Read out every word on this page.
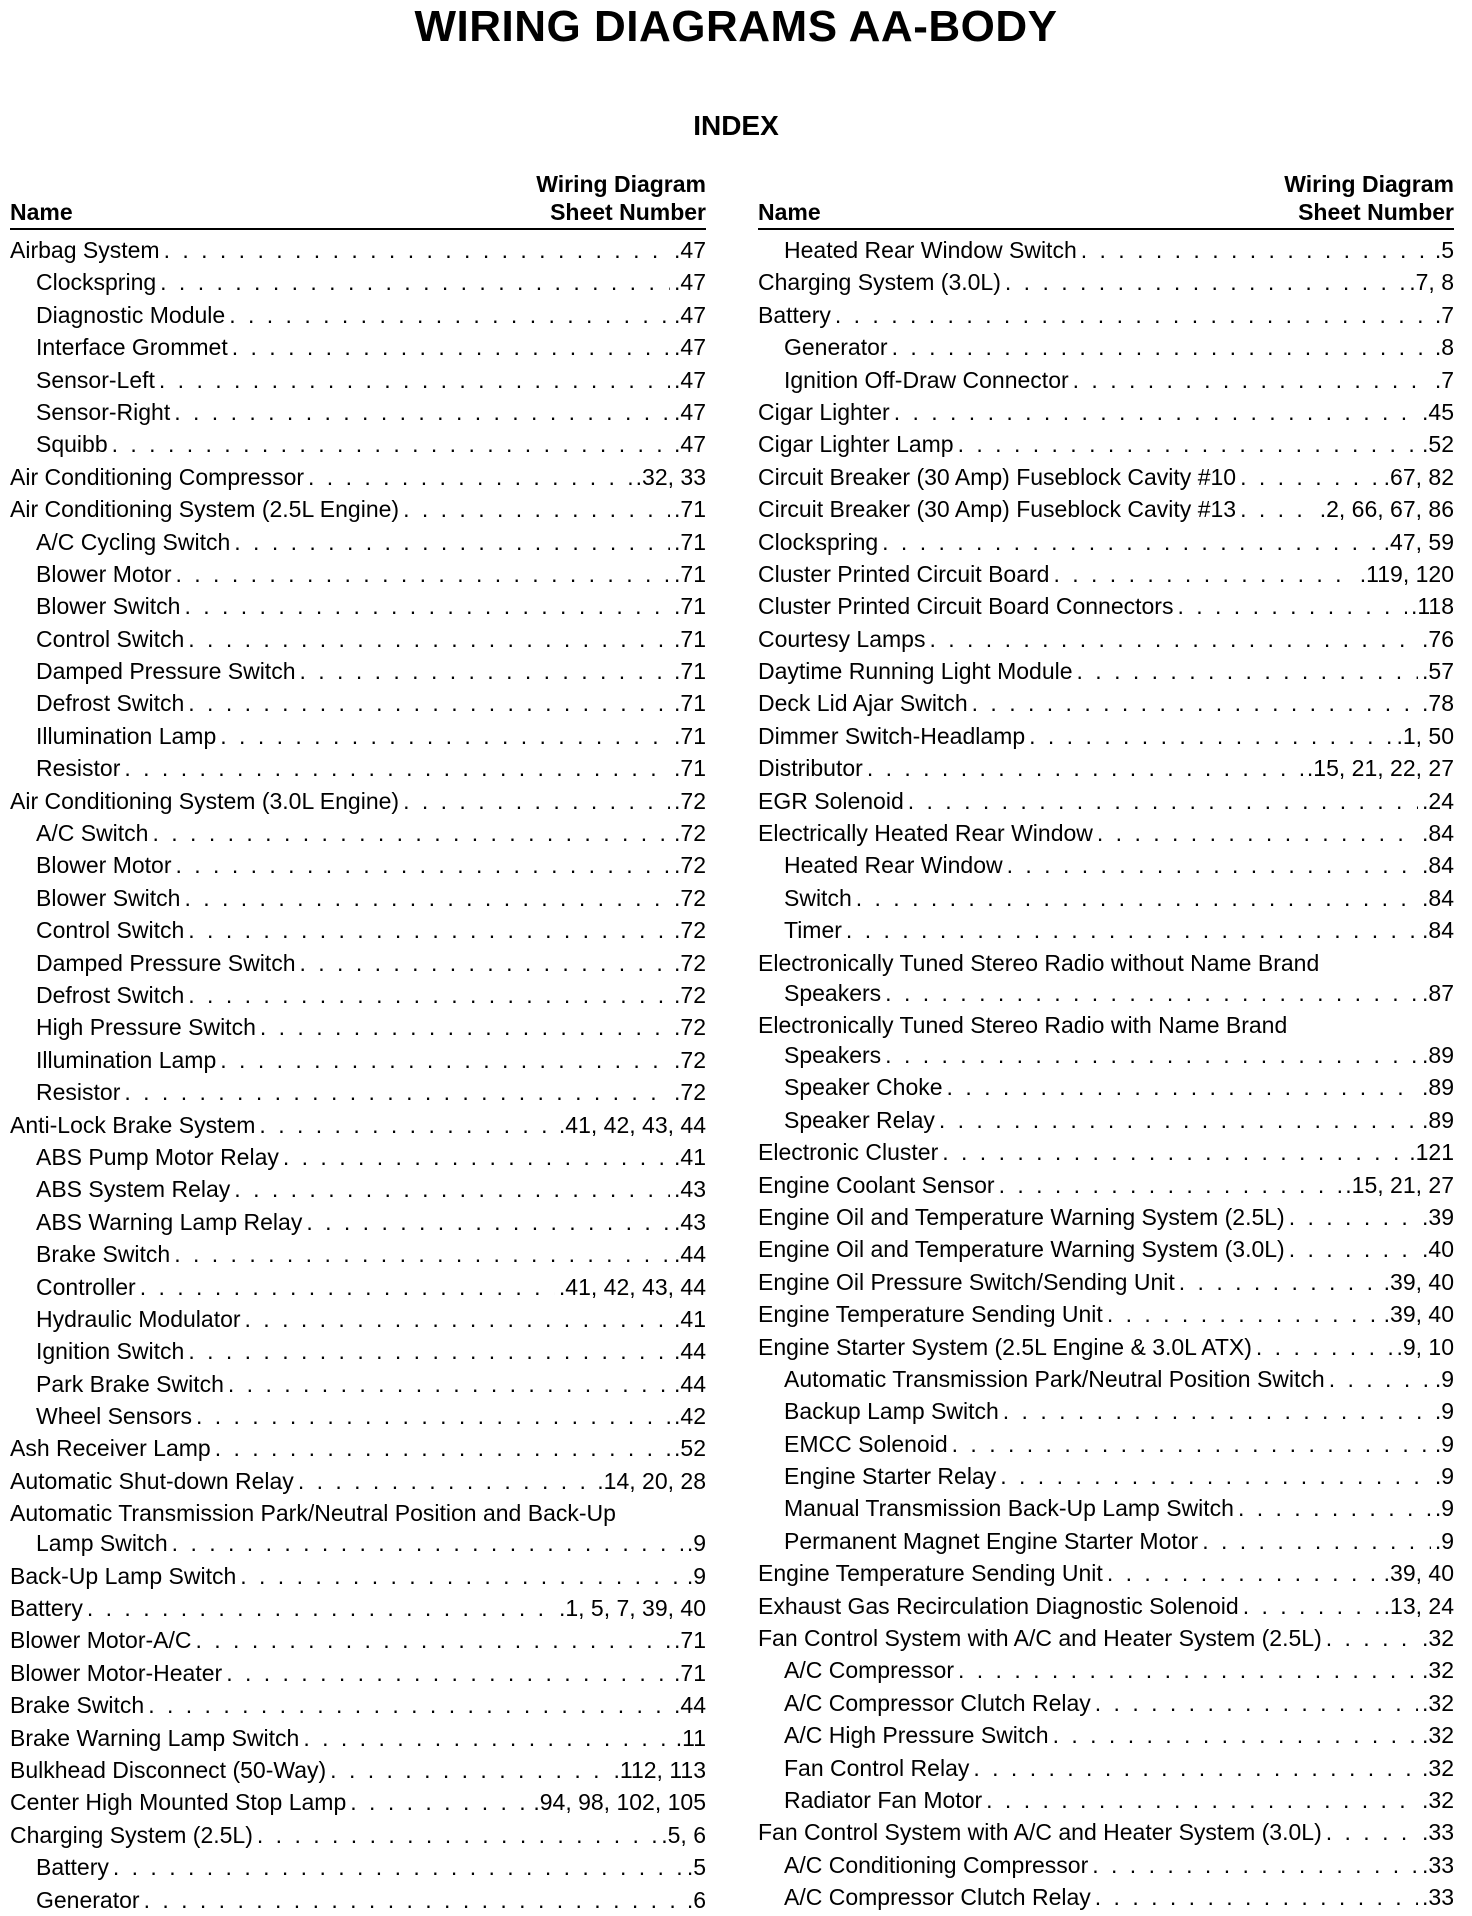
WIRING DIAGRAMS AA-BODY
INDEX
Name
Wiring Diagram
Sheet Number
Airbag System . . .	.47
Clockspring . . .	.47
Diagnostic Module . . .	.47
Interface Grommet . . .	.47
Sensor-Left . . .	.47
Sensor-Right . . .	.47
Squibb . . .	.47
Air Conditioning Compressor . . .	.32, 33
Air Conditioning System (2.5L Engine) . . .	.71
A/C Cycling Switch . . .	.71
Blower Motor . . .	.71
Blower Switch . . .	.71
Control Switch . . .	.71
Damped Pressure Switch . . .	.71
Defrost Switch . . .	.71
Illumination Lamp . . .	.71
Resistor . . .	.71
Air Conditioning System (3.0L Engine) . . .	.72
A/C Switch . . .	.72
Blower Motor . . .	.72
Blower Switch . . .	.72
Control Switch . . .	.72
Damped Pressure Switch . . .	.72
Defrost Switch . . .	.72
High Pressure Switch . . .	.72
Illumination Lamp . . .	.72
Resistor . . .	.72
Anti-Lock Brake System . . .	.41, 42, 43, 44
ABS Pump Motor Relay . . .	.41
ABS System Relay . . .	.43
ABS Warning Lamp Relay . . .	.43
Brake Switch . . .	.44
Controller . . .	.41, 42, 43, 44
Hydraulic Modulator . . .	.41
Ignition Switch . . .	.44
Park Brake Switch . . .	.44
Wheel Sensors . . .	.42
Ash Receiver Lamp . . .	.52
Automatic Shut-down Relay . . .	.14, 20, 28
Automatic Transmission Park/Neutral Position and Back-Up
Lamp Switch . . .	.9
Back-Up Lamp Switch . . .	.9
Battery . . .	.1, 5, 7, 39, 40
Blower Motor-A/C . . .	.71
Blower Motor-Heater . . .	.71
Brake Switch . . .	.44
Brake Warning Lamp Switch . . .	.11
Bulkhead Disconnect (50-Way) . . .	.112, 113
Center High Mounted Stop Lamp . . .	.94, 98, 102, 105
Charging System (2.5L) . . .	.5, 6
Battery . . .	.5
Generator . . .	.6
Name
Wiring Diagram
Sheet Number
Heated Rear Window Switch . . .	.5
Charging System (3.0L) . . .	.7, 8
Battery . . .	.7
Generator . . .	.8
Ignition Off-Draw Connector . . .	.7
Cigar Lighter . . .	.45
Cigar Lighter Lamp . . .	.52
Circuit Breaker (30 Amp) Fuseblock Cavity #10 . . .	.67, 82
Circuit Breaker (30 Amp) Fuseblock Cavity #13 . . .	.2, 66, 67, 86
Clockspring . . .	.47, 59
Cluster Printed Circuit Board . . .	.119, 120
Cluster Printed Circuit Board Connectors . . .	.118
Courtesy Lamps . . .	.76
Daytime Running Light Module . . .	.57
Deck Lid Ajar Switch . . .	.78
Dimmer Switch-Headlamp . . .	.1, 50
Distributor . . .	.15, 21, 22, 27
EGR Solenoid . . .	.24
Electrically Heated Rear Window . . .	.84
Heated Rear Window . . .	.84
Switch . . .	.84
Timer . . .	.84
Electronically Tuned Stereo Radio without Name Brand
Speakers . . .	.87
Electronically Tuned Stereo Radio with Name Brand
Speakers . . .	.89
Speaker Choke . . .	.89
Speaker Relay . . .	.89
Electronic Cluster . . .	.121
Engine Coolant Sensor . . .	.15, 21, 27
Engine Oil and Temperature Warning System (2.5L) . . .	.39
Engine Oil and Temperature Warning System (3.0L) . . .	.40
Engine Oil Pressure Switch/Sending Unit . . .	.39, 40
Engine Temperature Sending Unit . . .	.39, 40
Engine Starter System (2.5L Engine & 3.0L ATX) . . .	.9, 10
Automatic Transmission Park/Neutral Position Switch . . .	.9
Backup Lamp Switch . . .	.9
EMCC Solenoid . . .	.9
Engine Starter Relay . . .	.9
Manual Transmission Back-Up Lamp Switch . . .	.9
Permanent Magnet Engine Starter Motor . . .	.9
Engine Temperature Sending Unit . . .	.39, 40
Exhaust Gas Recirculation Diagnostic Solenoid . . .	.13, 24
Fan Control System with A/C and Heater System (2.5L) . . .	.32
A/C Compressor . . .	.32
A/C Compressor Clutch Relay . . .	.32
A/C High Pressure Switch . . .	.32
Fan Control Relay . . .	.32
Radiator Fan Motor . . .	.32
Fan Control System with A/C and Heater System (3.0L) . . .	.33
A/C Conditioning Compressor . . .	.33
A/C Compressor Clutch Relay . . .	.33
